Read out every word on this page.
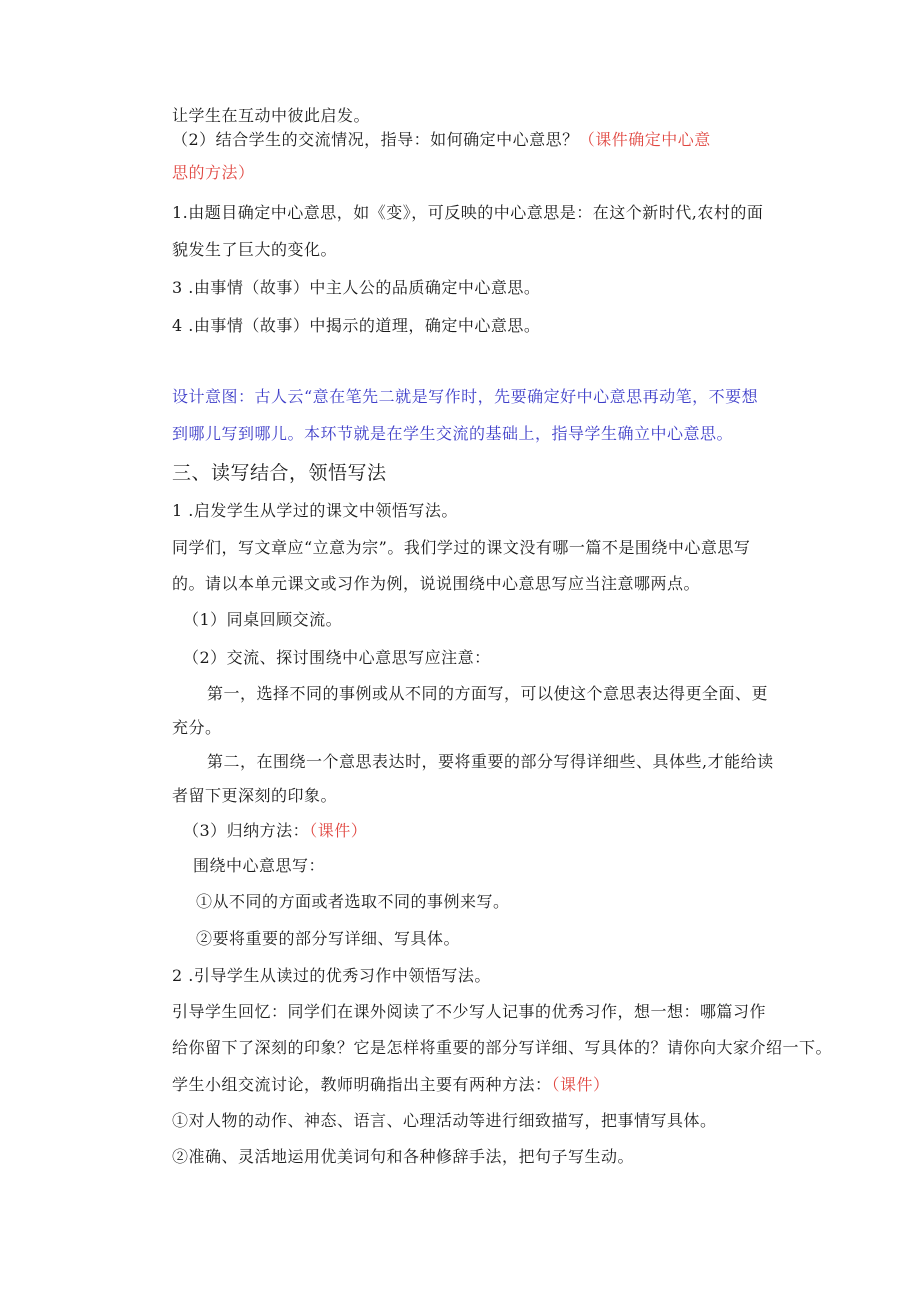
让学生在互动中彼此启发。
（2）结合学生的交流情况，指导：如何确定中心意思？（课件确定中心意
思的方法）
1.由题目确定中心意思，如《变》，可反映的中心意思是：在这个新时代,农村的面
貌发生了巨大的变化。
3 .由事情（故事）中主人公的品质确定中心意思。
4 .由事情（故事）中揭示的道理，确定中心意思。
设计意图：古人云“意在笔先二就是写作时，先要确定好中心意思再动笔，不要想
到哪儿写到哪儿。本环节就是在学生交流的基础上，指导学生确立中心意思。
三、读写结合，领悟写法
1 .启发学生从学过的课文中领悟写法。
同学们，写文章应“立意为宗”。我们学过的课文没有哪一篇不是围绕中心意思写
的。请以本单元课文或习作为例，说说围绕中心意思写应当注意哪两点。
（1）同桌回顾交流。
（2）交流、探讨围绕中心意思写应注意：
第一，选择不同的事例或从不同的方面写，可以使这个意思表达得更全面、更
充分。
第二，在围绕一个意思表达时，要将重要的部分写得详细些、具体些,才能给读
者留下更深刻的印象。
（3）归纳方法：（课件）
围绕中心意思写：
①从不同的方面或者选取不同的事例来写。
②要将重要的部分写详细、写具体。
2 .引导学生从读过的优秀习作中领悟写法。
引导学生回忆：同学们在课外阅读了不少写人记事的优秀习作，想一想：哪篇习作
给你留下了深刻的印象？它是怎样将重要的部分写详细、写具体的？请你向大家介绍一下。
学生小组交流讨论，教师明确指出主要有两种方法：（课件）
①对人物的动作、神态、语言、心理活动等进行细致描写，把事情写具体。
②准确、灵活地运用优美词句和各种修辞手法，把句子写生动。
